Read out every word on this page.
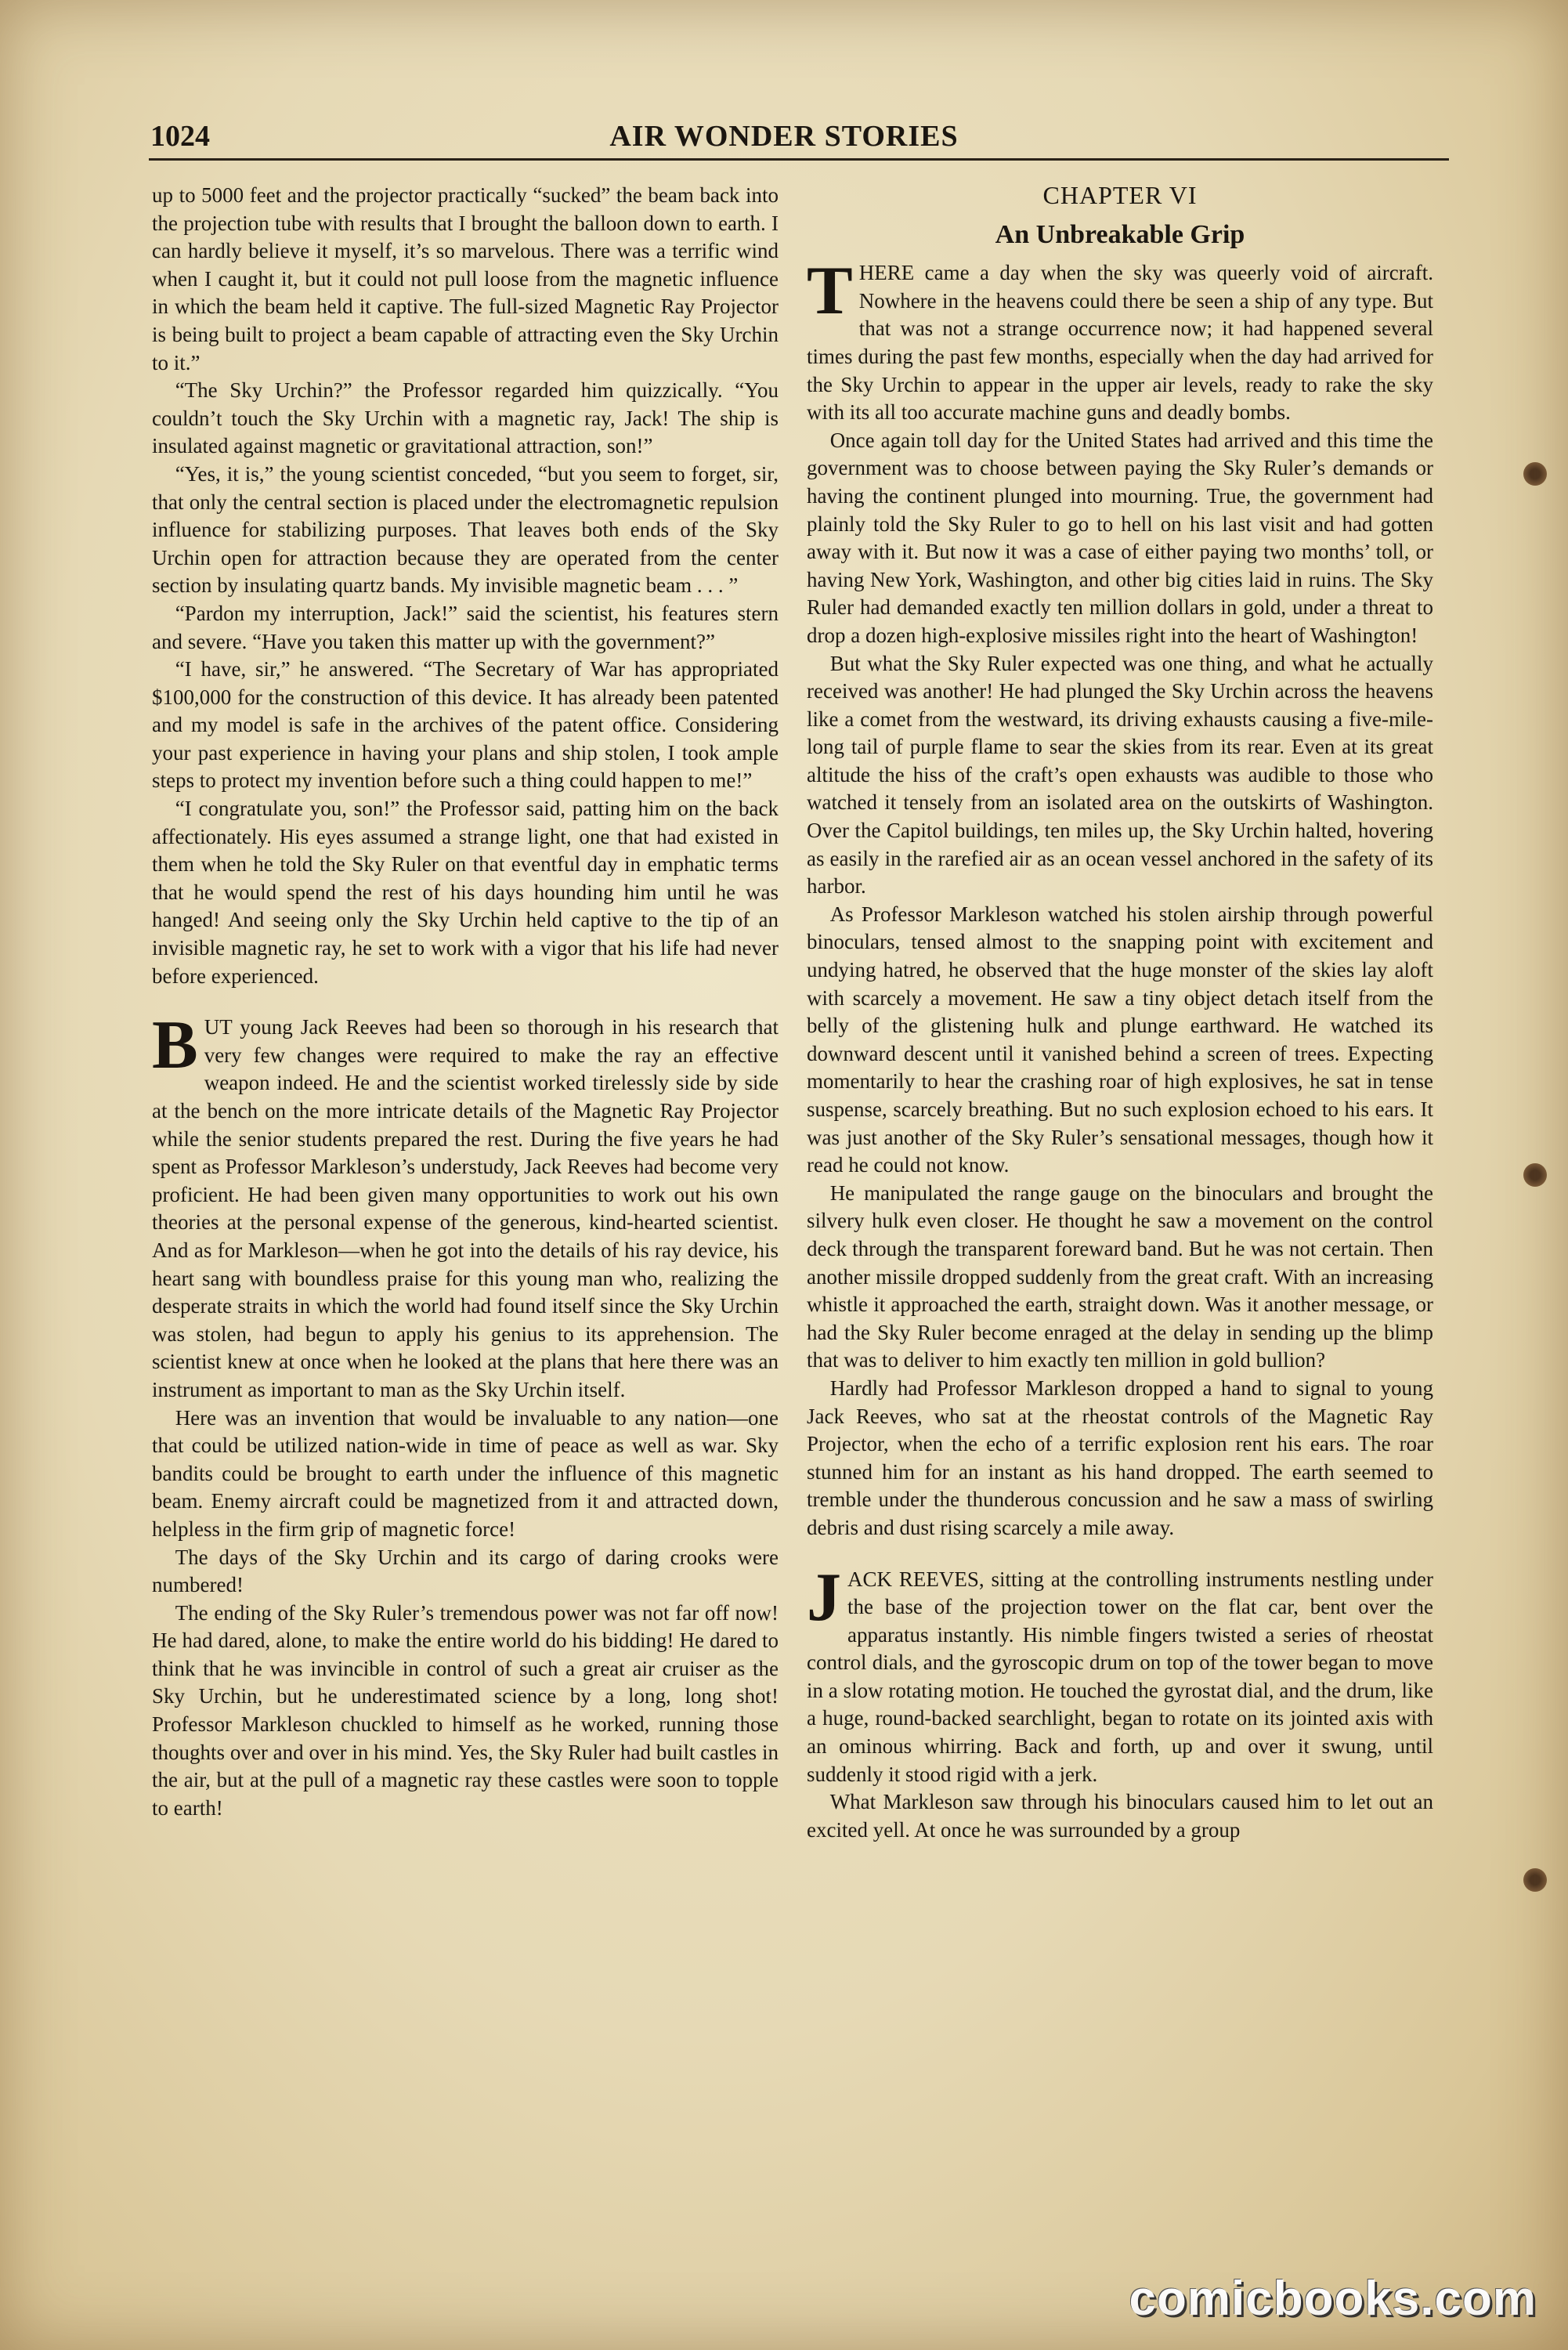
1024	AIR WONDER STORIES

up to 5000 feet and the projector practically “sucked” the beam back into the projection tube with results that I brought the balloon down to earth. I can hardly believe it myself, it’s so marvelous. There was a terrific wind when I caught it, but it could not pull loose from the magnetic influence in which the beam held it captive. The full-sized Magnetic Ray Projector is being built to project a beam capable of attracting even the Sky Urchin to it.”

“The Sky Urchin?” the Professor regarded him quizzically. “You couldn’t touch the Sky Urchin with a magnetic ray, Jack! The ship is insulated against magnetic or gravitational attraction, son!”

“Yes, it is,” the young scientist conceded, “but you seem to forget, sir, that only the central section is placed under the electromagnetic repulsion influence for stabilizing purposes. That leaves both ends of the Sky Urchin open for attraction because they are operated from the center section by insulating quartz bands. My invisible magnetic beam . . . ”

“Pardon my interruption, Jack!” said the scientist, his features stern and severe. “Have you taken this matter up with the government?”

“I have, sir,” he answered. “The Secretary of War has appropriated $100,000 for the construction of this device. It has already been patented and my model is safe in the archives of the patent office. Considering your past experience in having your plans and ship stolen, I took ample steps to protect my invention before such a thing could happen to me!”

“I congratulate you, son!” the Professor said, patting him on the back affectionately. His eyes assumed a strange light, one that had existed in them when he told the Sky Ruler on that eventful day in emphatic terms that he would spend the rest of his days hounding him until he was hanged! And seeing only the Sky Urchin held captive to the tip of an invisible magnetic ray, he set to work with a vigor that his life had never before experienced.

BUT young Jack Reeves had been so thorough in his research that very few changes were required to make the ray an effective weapon indeed. He and the scientist worked tirelessly side by side at the bench on the more intricate details of the Magnetic Ray Projector while the senior students prepared the rest. During the five years he had spent as Professor Markleson’s understudy, Jack Reeves had become very proficient. He had been given many opportunities to work out his own theories at the personal expense of the generous, kind-hearted scientist. And as for Markleson—when he got into the details of his ray device, his heart sang with boundless praise for this young man who, realizing the desperate straits in which the world had found itself since the Sky Urchin was stolen, had begun to apply his genius to its apprehension. The scientist knew at once when he looked at the plans that here there was an instrument as important to man as the Sky Urchin itself.

Here was an invention that would be invaluable to any nation—one that could be utilized nation-wide in time of peace as well as war. Sky bandits could be brought to earth under the influence of this magnetic beam. Enemy aircraft could be magnetized from it and attracted down, helpless in the firm grip of magnetic force!

The days of the Sky Urchin and its cargo of daring crooks were numbered!

The ending of the Sky Ruler’s tremendous power was not far off now! He had dared, alone, to make the entire world do his bidding! He dared to think that he was invincible in control of such a great air cruiser as the Sky Urchin, but he underestimated science by a long, long shot! Professor Markleson chuckled to himself as he worked, running those thoughts over and over in his mind. Yes, the Sky Ruler had built castles in the air, but at the pull of a magnetic ray these castles were soon to topple to earth!

CHAPTER VI
An Unbreakable Grip

THERE came a day when the sky was queerly void of aircraft. Nowhere in the heavens could there be seen a ship of any type. But that was not a strange occurrence now; it had happened several times during the past few months, especially when the day had arrived for the Sky Urchin to appear in the upper air levels, ready to rake the sky with its all too accurate machine guns and deadly bombs.

Once again toll day for the United States had arrived and this time the government was to choose between paying the Sky Ruler’s demands or having the continent plunged into mourning. True, the government had plainly told the Sky Ruler to go to hell on his last visit and had gotten away with it. But now it was a case of either paying two months’ toll, or having New York, Washington, and other big cities laid in ruins. The Sky Ruler had demanded exactly ten million dollars in gold, under a threat to drop a dozen high-explosive missiles right into the heart of Washington!

But what the Sky Ruler expected was one thing, and what he actually received was another! He had plunged the Sky Urchin across the heavens like a comet from the westward, its driving exhausts causing a five-mile-long tail of purple flame to sear the skies from its rear. Even at its great altitude the hiss of the craft’s open exhausts was audible to those who watched it tensely from an isolated area on the outskirts of Washington. Over the Capitol buildings, ten miles up, the Sky Urchin halted, hovering as easily in the rarefied air as an ocean vessel anchored in the safety of its harbor.

As Professor Markleson watched his stolen airship through powerful binoculars, tensed almost to the snapping point with excitement and undying hatred, he observed that the huge monster of the skies lay aloft with scarcely a movement. He saw a tiny object detach itself from the belly of the glistening hulk and plunge earthward. He watched its downward descent until it vanished behind a screen of trees. Expecting momentarily to hear the crashing roar of high explosives, he sat in tense suspense, scarcely breathing. But no such explosion echoed to his ears. It was just another of the Sky Ruler’s sensational messages, though how it read he could not know.

He manipulated the range gauge on the binoculars and brought the silvery hulk even closer. He thought he saw a movement on the control deck through the transparent foreward band. But he was not certain. Then another missile dropped suddenly from the great craft. With an increasing whistle it approached the earth, straight down. Was it another message, or had the Sky Ruler become enraged at the delay in sending up the blimp that was to deliver to him exactly ten million in gold bullion?

Hardly had Professor Markleson dropped a hand to signal to young Jack Reeves, who sat at the rheostat controls of the Magnetic Ray Projector, when the echo of a terrific explosion rent his ears. The roar stunned him for an instant as his hand dropped. The earth seemed to tremble under the thunderous concussion and he saw a mass of swirling debris and dust rising scarcely a mile away.

JACK REEVES, sitting at the controlling instruments nestling under the base of the projection tower on the flat car, bent over the apparatus instantly. His nimble fingers twisted a series of rheostat control dials, and the gyroscopic drum on top of the tower began to move in a slow rotating motion. He touched the gyrostat dial, and the drum, like a huge, round-backed searchlight, began to rotate on its jointed axis with an ominous whirring. Back and forth, up and over it swung, until suddenly it stood rigid with a jerk.

What Markleson saw through his binoculars caused him to let out an excited yell. At once he was surrounded by a group

comicbooks.com
